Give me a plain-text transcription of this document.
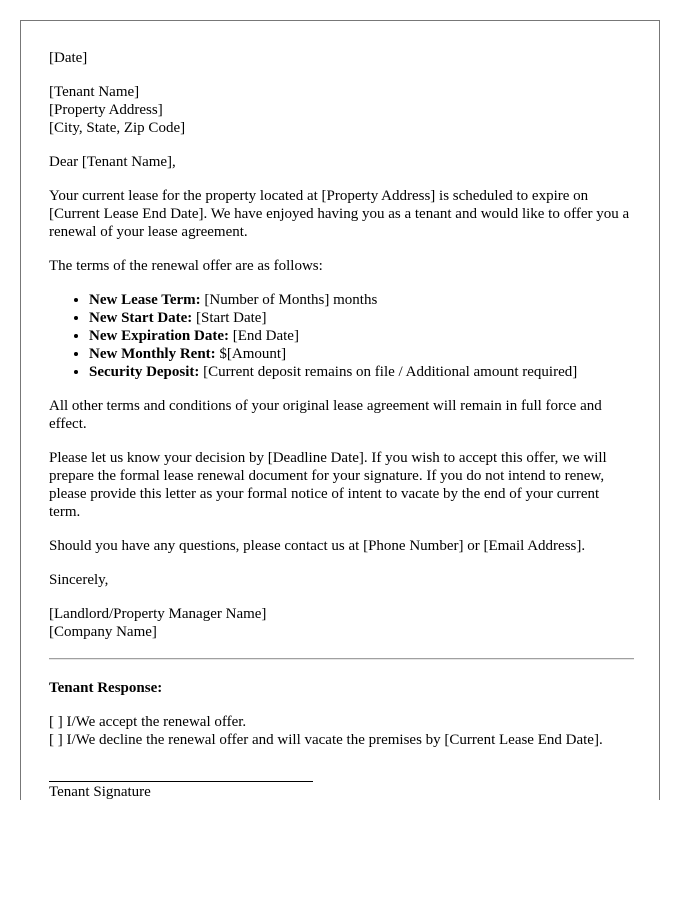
[Date]

[Tenant Name]
[Property Address]
[City, State, Zip Code]

Dear [Tenant Name],

Your current lease for the property located at [Property Address] is scheduled to expire on [Current Lease End Date]. We have enjoyed having you as a tenant and would like to offer you a renewal of your lease agreement.

The terms of the renewal offer are as follows:

• New Lease Term: [Number of Months] months
• New Start Date: [Start Date]
• New Expiration Date: [End Date]
• New Monthly Rent: $[Amount]
• Security Deposit: [Current deposit remains on file / Additional amount required]

All other terms and conditions of your original lease agreement will remain in full force and effect.

Please let us know your decision by [Deadline Date]. If you wish to accept this offer, we will prepare the formal lease renewal document for your signature. If you do not intend to renew, please provide this letter as your formal notice of intent to vacate by the end of your current term.

Should you have any questions, please contact us at [Phone Number] or [Email Address].

Sincerely,

[Landlord/Property Manager Name]
[Company Name]

Tenant Response:

[ ] I/We accept the renewal offer.
[ ] I/We decline the renewal offer and will vacate the premises by [Current Lease End Date].

Tenant Signature
